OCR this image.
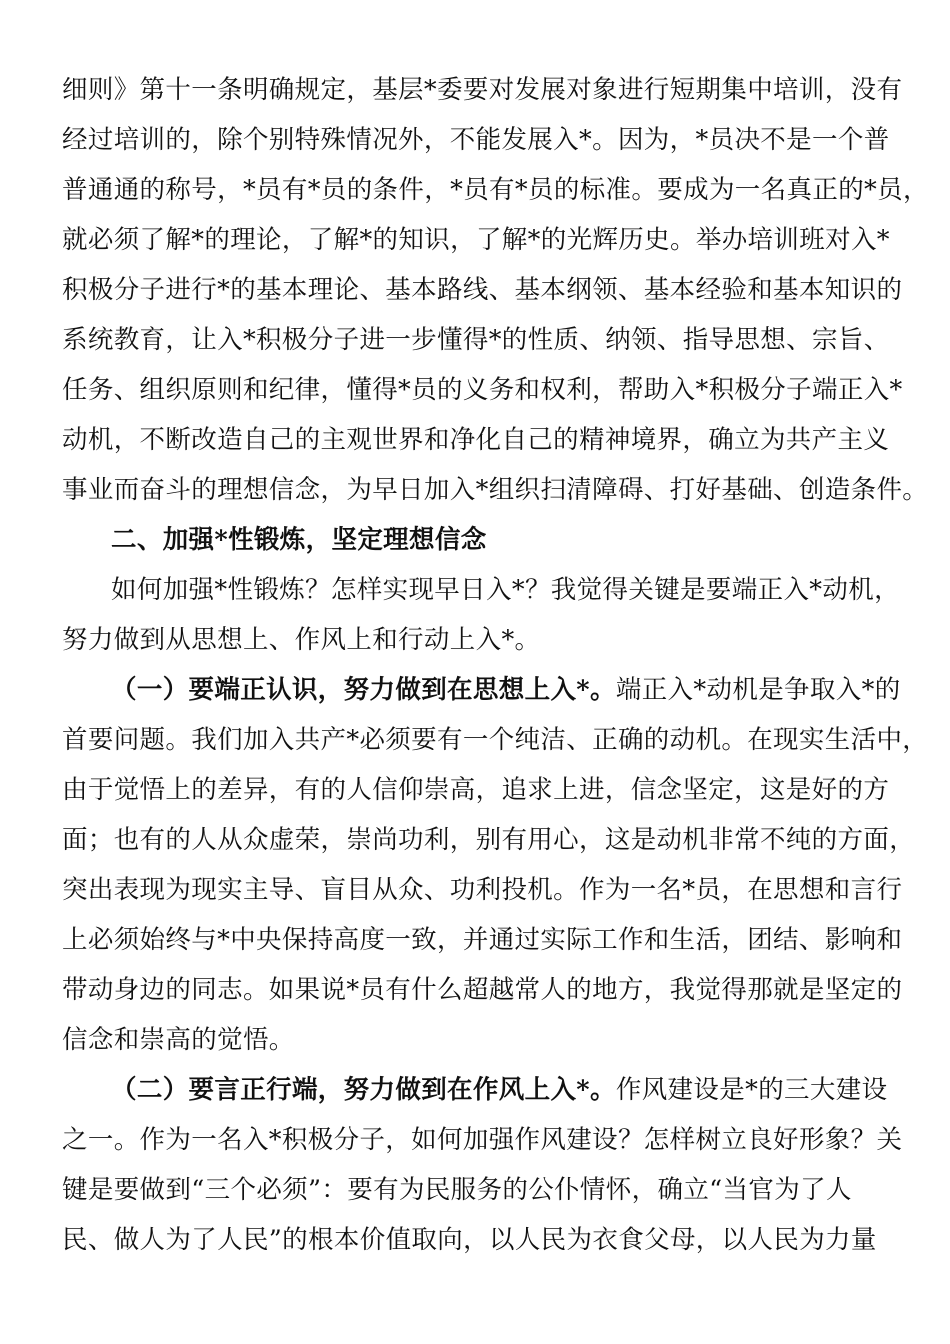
细则》第十一条明确规定，基层*委要对发展对象进行短期集中培训，没有
经过培训的，除个别特殊情况外，不能发展入*。因为，*员决不是一个普
普通通的称号，*员有*员的条件，*员有*员的标准。要成为一名真正的*员，
就必须了解*的理论，了解*的知识，了解*的光辉历史。举办培训班对入*
积极分子进行*的基本理论、基本路线、基本纲领、基本经验和基本知识的
系统教育，让入*积极分子进一步懂得*的性质、纳领、指导思想、宗旨、
任务、组织原则和纪律，懂得*员的义务和权利，帮助入*积极分子端正入*
动机，不断改造自己的主观世界和净化自己的精神境界，确立为共产主义
事业而奋斗的理想信念，为早日加入*组织扫清障碍、打好基础、创造条件。
二、加强*性锻炼，坚定理想信念
如何加强*性锻炼？怎样实现早日入*？我觉得关键是要端正入*动机，
努力做到从思想上、作风上和行动上入*。
（一）要端正认识，努力做到在思想上入*。端正入*动机是争取入*的
首要问题。我们加入共产*必须要有一个纯洁、正确的动机。在现实生活中，
由于觉悟上的差异，有的人信仰崇高，追求上进，信念坚定，这是好的方
面；也有的人从众虚荣，崇尚功利，别有用心，这是动机非常不纯的方面，
突出表现为现实主导、盲目从众、功利投机。作为一名*员，在思想和言行
上必须始终与*中央保持高度一致，并通过实际工作和生活，团结、影响和
带动身边的同志。如果说*员有什么超越常人的地方，我觉得那就是坚定的
信念和崇高的觉悟。
（二）要言正行端，努力做到在作风上入*。作风建设是*的三大建设
之一。作为一名入*积极分子，如何加强作风建设？怎样树立良好形象？关
键是要做到“三个必须”：要有为民服务的公仆情怀，确立“当官为了人
民、做人为了人民”的根本价值取向，以人民为衣食父母，以人民为力量
